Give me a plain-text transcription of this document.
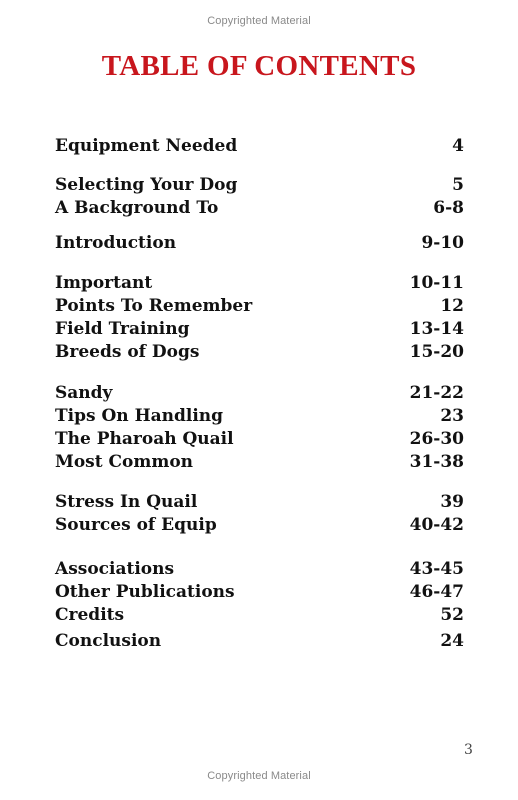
Copyrighted Material
TABLE OF CONTENTS
Equipment Needed	4
Selecting Your Dog	5
A Background To	6-8
Introduction	9-10
Important	10-11
Points To Remember	12
Field Training	13-14
Breeds of Dogs	15-20
Sandy	21-22
Tips On Handling	23
The Pharoah Quail	26-30
Most Common	31-38
Stress In Quail	39
Sources of Equip	40-42
Associations	43-45
Other Publications	46-47
Credits	52
Conclusion	24
3
Copyrighted Material
